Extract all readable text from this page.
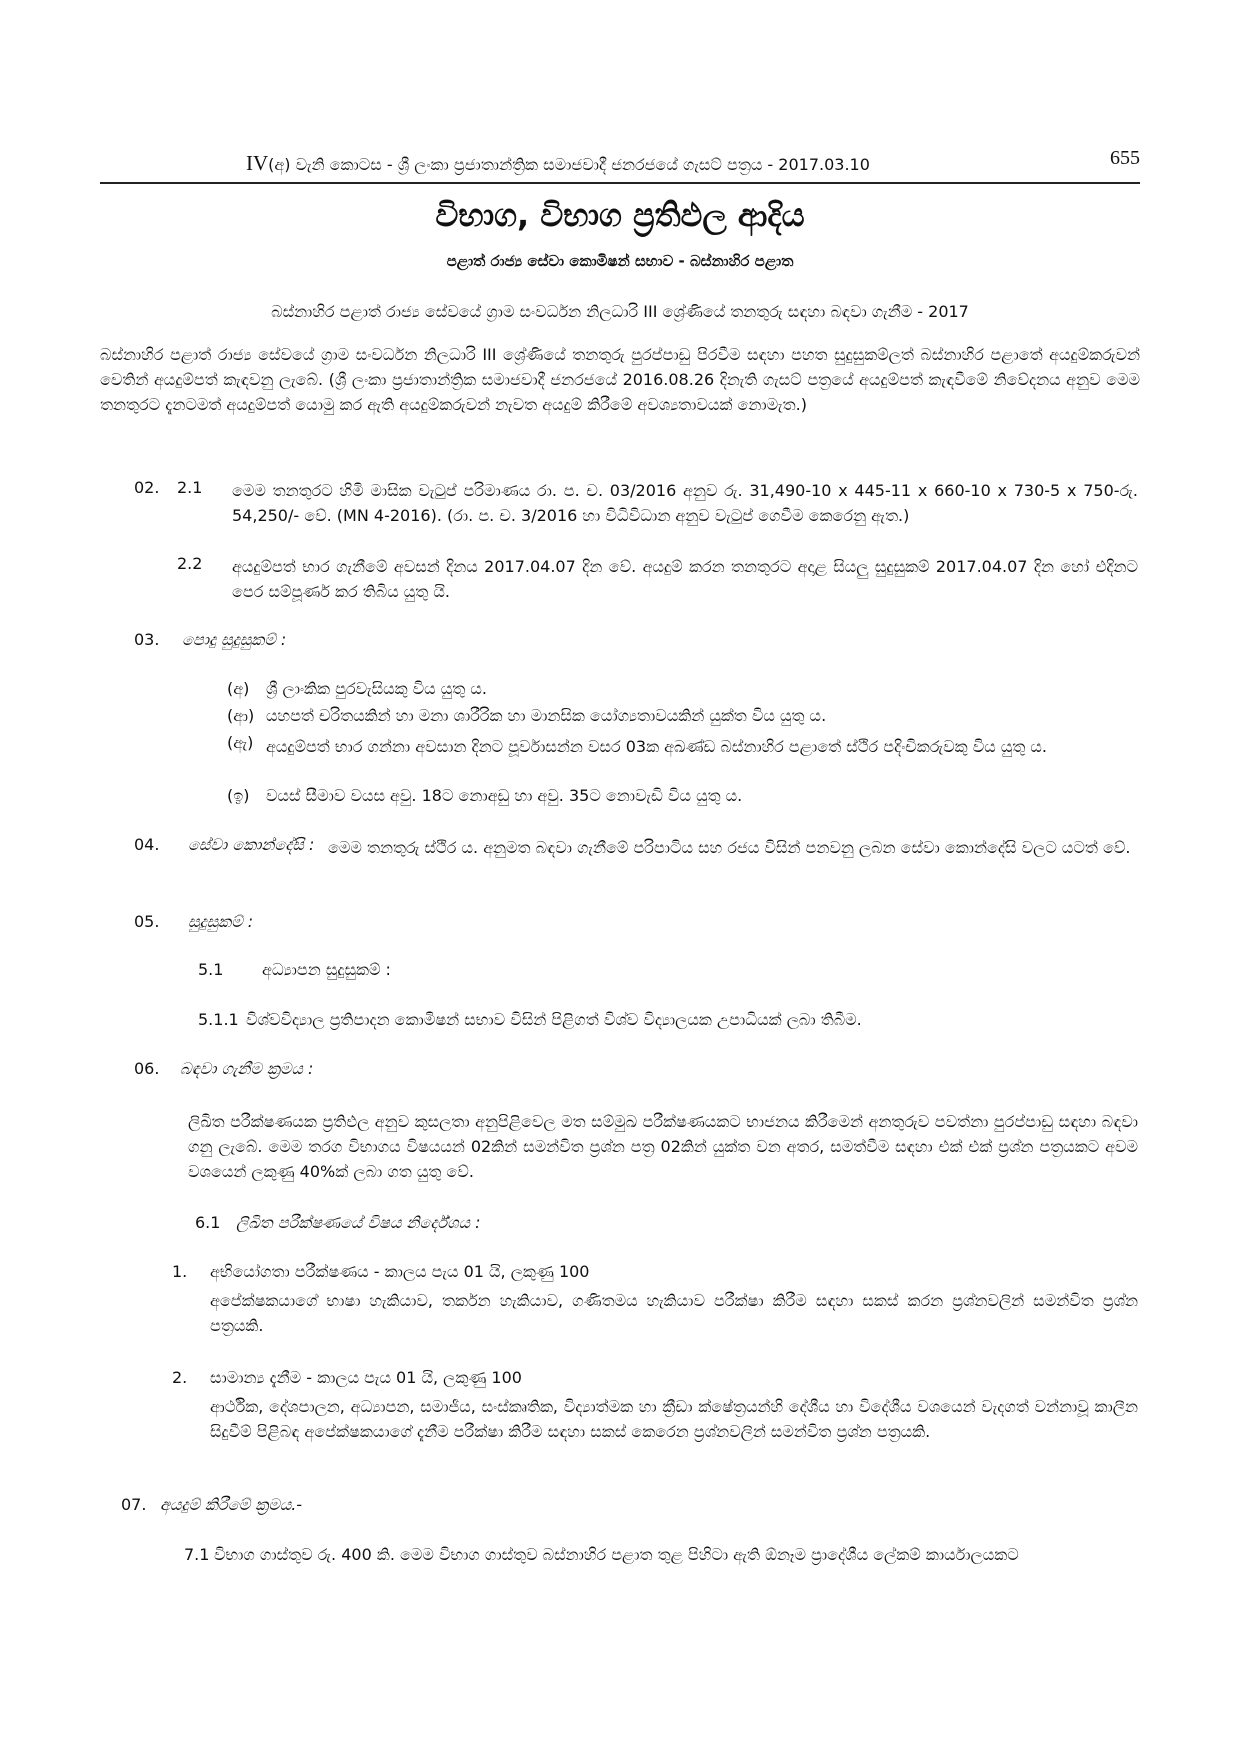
IV(අ) වැනි කොටස - ශ්‍රී ලංකා ප්‍රජාතාන්ත්‍රික සමාජවාදී ජනරජයේ ගැසට් පත්‍රය - 2017.03.10	655
විභාග, විභාග ප්‍රතිඵල ආදිය
පළාත් රාජ්‍ය සේවා කොමිෂන් සභාව - බස්නාහිර පළාත
බස්නාහිර පළාත් රාජ්‍ය සේවයේ ග්‍රාම සංවර්ධන නිලධාරි III ශ්‍රේණියේ තනතුරු සඳහා බඳවා ගැනීම - 2017
බස්නාහිර පළාත් රාජ්‍ය සේවයේ ග්‍රාම සංවර්ධන නිලධාරි III ශ්‍රේණියේ තනතුරු පුරප්පාඩු පිරවීම සඳහා පහත සුදුසුකම්ලත් බස්නාහිර පළාතේ අයදුම්කරුවන් වෙතින් අයදුම්පත් කැඳවනු ලැබේ. (ශ්‍රී ලංකා ප්‍රජාතාන්ත්‍රික සමාජවාදී ජනරජයේ 2016.08.26 දිනැති ගැසට් පත්‍රයේ අයදුම්පත් කැඳවීමේ නිවේදනය අනුව මෙම තනතුරට දැනටමත් අයදුම්පත් යොමු කර ඇති අයදුම්කරුවන් නැවත අයදුම් කිරීමේ අවශ්‍යතාවයක් නොමැත.)
02. 2.1 මෙම තනතුරට හිමි මාසික වැටුප් පරිමාණය රා. ප. ච. 03/2016 අනුව රු. 31,490-10 x 445-11 x 660-10 x 730-5 x 750-රු. 54,250/- වේ. (MN 4-2016). (රා. ප. ච. 3/2016 හා විධිවිධාන අනුව වැටුප් ගෙවීම කෙරෙනු ඇත.)
2.2 අයදුම්පත් භාර ගැනීමේ අවසන් දිනය 2017.04.07 දින වේ. අයදුම් කරන තනතුරට අදාළ සියලු සුදුසුකම් 2017.04.07 දින හෝ එදිනට පෙර සම්පූර්ණ කර තිබිය යුතු යි.
03. පොදු සුදුසුකම් :
(අ) ශ්‍රී ලාංකික පුරවැසියකු විය යුතු ය.
(ආ) යහපත් චරිතයකින් හා මනා ශාරීරික හා මානසික යෝග්‍යතාවයකින් යුක්ත විය යුතු ය.
(ඇ) අයදුම්පත් භාර ගන්නා අවසාන දිනට පූර්වාසන්න වසර 03ක අඛණ්ඩ බස්නාහිර පළාතේ ස්ථිර පදිංචිකරුවකු විය යුතු ය.
(ඉ) වයස් සීමාව වයස අවු. 18ට නොඅඩු හා අවු. 35ට නොවැඩි විය යුතු ය.
04. සේවා කොන්දේසි : මෙම තනතුරු ස්ථිර ය. අනුමත බඳවා ගැනීමේ පරිපාටිය සහ රජය විසින් පනවනු ලබන සේවා කොන්දේසි වලට යටත් වේ.
05. සුදුසුකම් :
5.1 අධ්‍යාපන සුදුසුකම් :
5.1.1 විශ්වවිද්‍යාල ප්‍රතිපාදන කොමිෂන් සභාව විසින් පිළිගත් විශ්ව විද්‍යාලයක උපාධියක් ලබා තිබීම.
06. බඳවා ගැනීම ක්‍රමය :
ලිඛිත පරීක්ෂණයක ප්‍රතිඵල අනුව කුසලතා අනුපිළිවෙල මත සම්මුඛ පරීක්ෂණයකට භාජනය කිරීමෙන් අනතුරුව පවත්නා පුරප්පාඩු සඳහා බඳවා ගනු ලැබේ. මෙම තරග විභාගය විෂයයන් 02කින් සමන්විත ප්‍රශ්න පත්‍ර 02කින් යුක්ත වන අතර, සමත්වීම සඳහා එක් එක් ප්‍රශ්න පත්‍රයකට අවම වශයෙන් ලකුණු 40%ක් ලබා ගත යුතු වේ.
6.1 ලිඛිත පරීක්ෂණයේ විෂය නිර්දේශය :
1. අභියෝගතා පරීක්ෂණය - කාලය පැය 01 යි, ලකුණු 100
අපේක්ෂකයාගේ භාෂා හැකියාව, තර්කන හැකියාව, ගණිතමය හැකියාව පරීක්ෂා කිරීම සඳහා සකස් කරන ප්‍රශ්නවලින් සමන්විත ප්‍රශ්න පත්‍රයකි.
2. සාමාන්‍ය දැනීම - කාලය පැය 01 යි, ලකුණු 100
ආර්ථික, දේශපාලන, අධ්‍යාපන, සමාජීය, සංස්කෘතික, විද්‍යාත්මක හා ක්‍රීඩා ක්ෂේත්‍රයන්හි දේශීය හා විදේශීය වශයෙන් වැදගත් වන්නාවූ කාලීන සිදුවීම් පිළිබඳ අපේක්ෂකයාගේ දැනීම පරීක්ෂා කිරීම සඳහා සකස් කෙරෙන ප්‍රශ්නවලින් සමන්විත ප්‍රශ්න පත්‍රයකි.
07. අයදුම් කිරීමේ ක්‍රමය.-
7.1 විභාග ගාස්තුව රු. 400 කි. මෙම විභාග ගාස්තුව බස්නාහිර පළාත තුළ පිහිටා ඇති ඕනෑම ප්‍රාදේශීය ලේකම් කාර්යාලයකට
